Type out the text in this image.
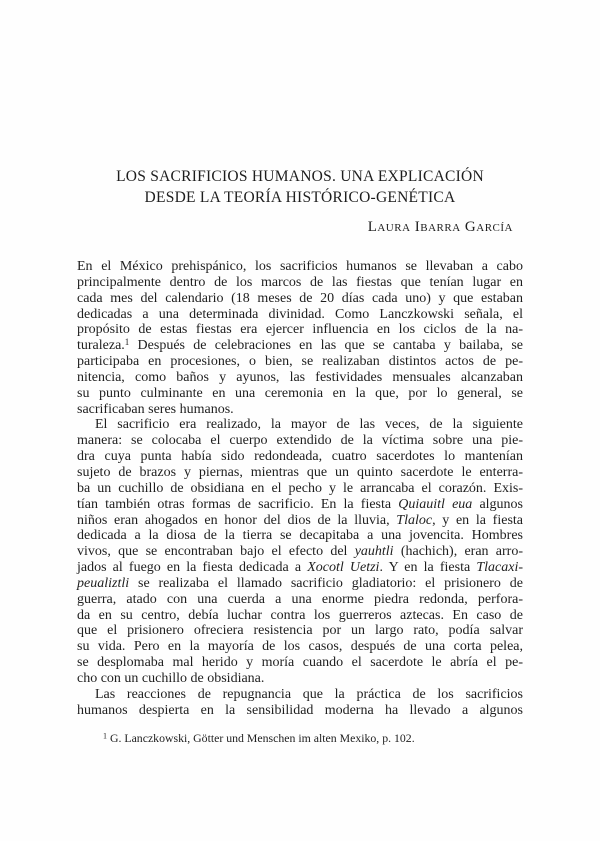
LOS SACRIFICIOS HUMANOS. UNA EXPLICACIÓN
DESDE LA TEORÍA HISTÓRICO-GENÉTICA
Laura Ibarra García
En el México prehispánico, los sacrificios humanos se llevaban a cabo
principalmente dentro de los marcos de las fiestas que tenían lugar en
cada mes del calendario (18 meses de 20 días cada uno) y que estaban
dedicadas a una determinada divinidad. Como Lanczkowski señala, el
propósito de estas fiestas era ejercer influencia en los ciclos de la na-
turaleza.$^1$ Después de celebraciones en las que se cantaba y bailaba, se
participaba en procesiones, o bien, se realizaban distintos actos de pe-
nitencia, como baños y ayunos, las festividades mensuales alcanzaban
su punto culminante en una ceremonia en la que, por lo general, se
sacrificaban seres humanos.
El sacrificio era realizado, la mayor de las veces, de la siguiente
manera: se colocaba el cuerpo extendido de la víctima sobre una pie-
dra cuya punta había sido redondeada, cuatro sacerdotes lo mantenían
sujeto de brazos y piernas, mientras que un quinto sacerdote le enterra-
ba un cuchillo de obsidiana en el pecho y le arrancaba el corazón. Exis-
tían también otras formas de sacrificio. En la fiesta Quiauitl eua algunos
niños eran ahogados en honor del dios de la lluvia, Tlaloc, y en la fiesta
dedicada a la diosa de la tierra se decapitaba a una jovencita. Hombres
vivos, que se encontraban bajo el efecto del yauhtli (hachich), eran arro-
jados al fuego en la fiesta dedicada a Xocotl Uetzi. Y en la fiesta Tlacaxi-
peualiztli se realizaba el llamado sacrificio gladiatorio: el prisionero de
guerra, atado con una cuerda a una enorme piedra redonda, perfora-
da en su centro, debía luchar contra los guerreros aztecas. En caso de
que el prisionero ofreciera resistencia por un largo rato, podía salvar
su vida. Pero en la mayoría de los casos, después de una corta pelea,
se desplomaba mal herido y moría cuando el sacerdote le abría el pe-
cho con un cuchillo de obsidiana.
Las reacciones de repugnancia que la práctica de los sacrificios
humanos despierta en la sensibilidad moderna ha llevado a algunos
$^1$ G. Lanczkowski, Götter und Menschen im alten Mexiko, p. 102.
